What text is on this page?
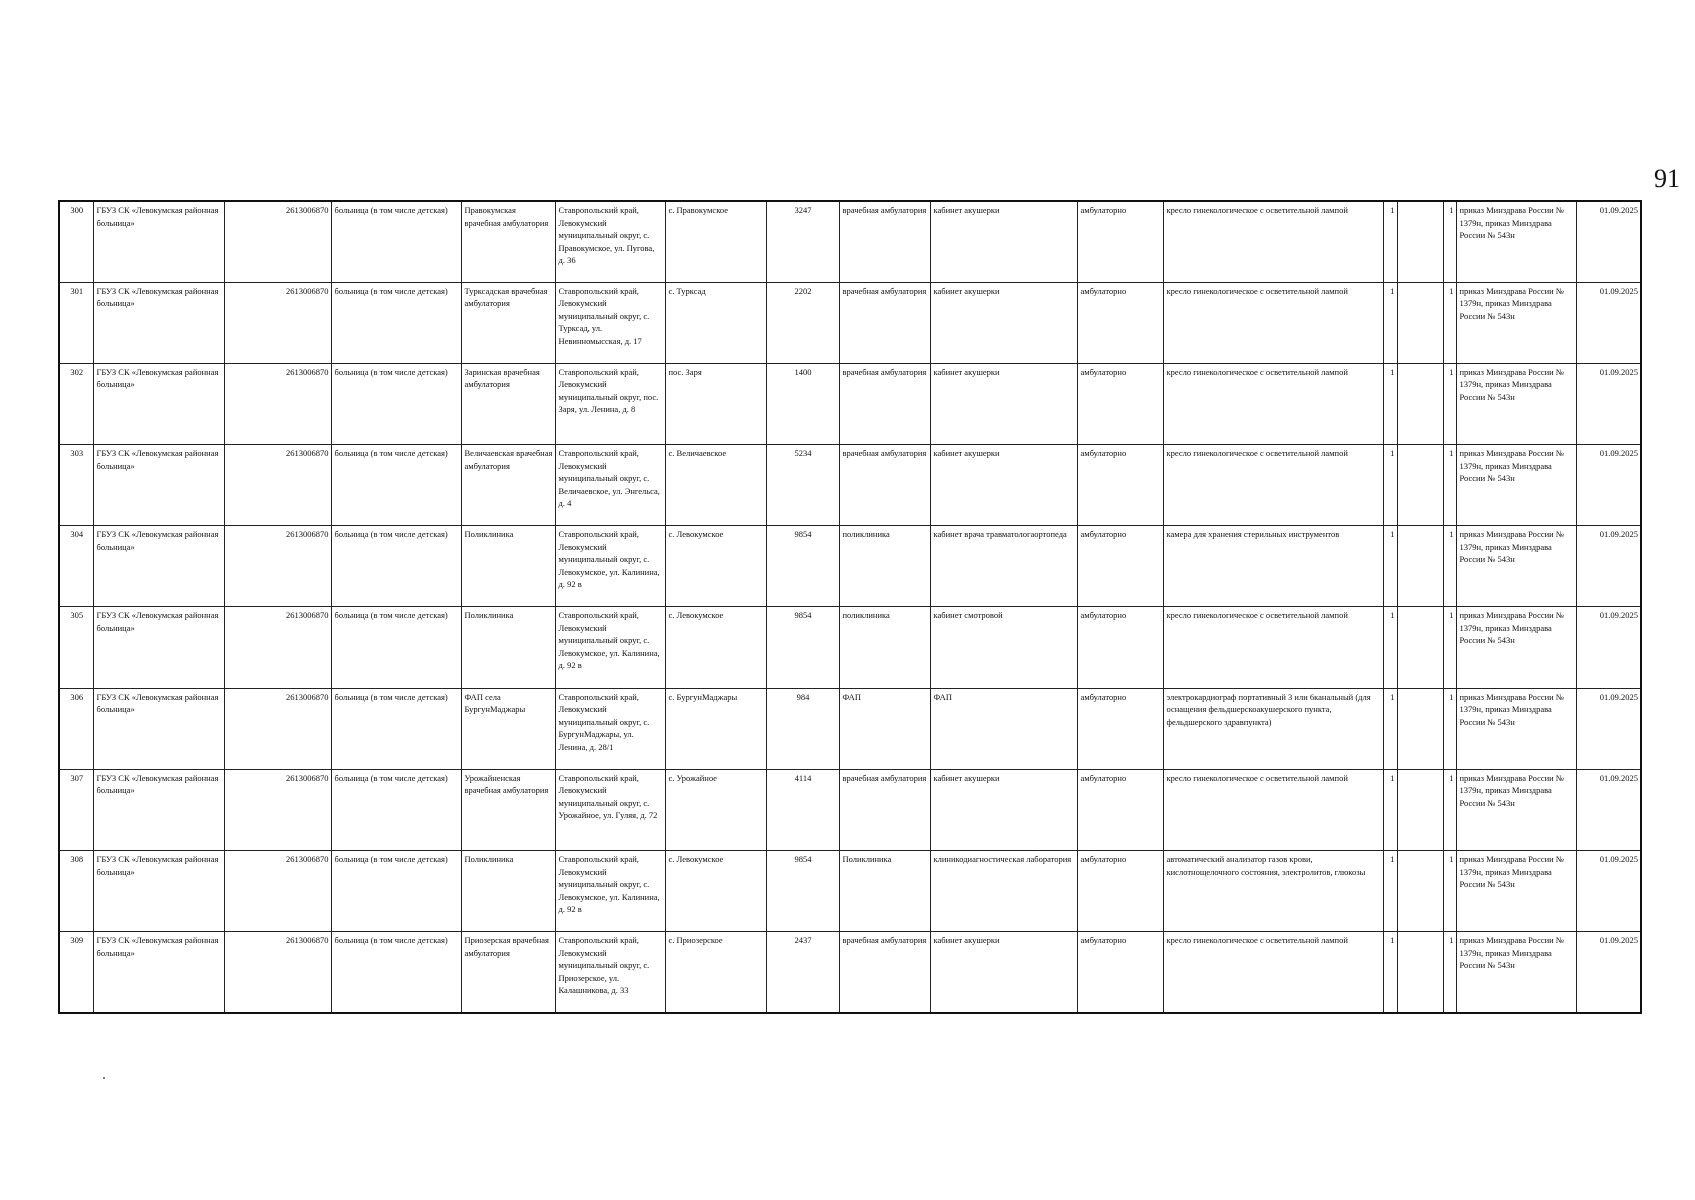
91
300	ГБУЗ СК «Левокумская районная больница»	2613006870	больница (в том числе детская)	Правокумская врачебная амбулатория	Ставропольский край, Левокумский муниципальный округ, с. Правокумское, ул. Пугова, д. 36	с. Правокумское	3247	врачебная амбулатория	кабинет акушерки	амбулаторно	кресло гинекологическое с осветительной лампой	1		1	приказ Минздрава России № 1379н, приказ Минздрава России № 543н	01.09.2025
301	ГБУЗ СК «Левокумская районная больница»	2613006870	больница (в том числе детская)	Турксадская врачебная амбулатория	Ставропольский край, Левокумский муниципальный округ, с. Турксад, ул. Невинномысская, д. 17	с. Турксад	2202	врачебная амбулатория	кабинет акушерки	амбулаторно	кресло гинекологическое с осветительной лампой	1		1	приказ Минздрава России № 1379н, приказ Минздрава России № 543н	01.09.2025
302	ГБУЗ СК «Левокумская районная больница»	2613006870	больница (в том числе детская)	Заринская врачебная амбулатория	Ставропольский край, Левокумский муниципальный округ, пос. Заря, ул. Ленина, д. 8	пос. Заря	1400	врачебная амбулатория	кабинет акушерки	амбулаторно	кресло гинекологическое с осветительной лампой	1		1	приказ Минздрава России № 1379н, приказ Минздрава России № 543н	01.09.2025
303	ГБУЗ СК «Левокумская районная больница»	2613006870	больница (в том числе детская)	Величаевская врачебная амбулатория	Ставропольский край, Левокумский муниципальный округ, с. Величаевское, ул. Энгельса, д. 4	с. Величаевское	5234	врачебная амбулатория	кабинет акушерки	амбулаторно	кресло гинекологическое с осветительной лампой	1		1	приказ Минздрава России № 1379н, приказ Минздрава России № 543н	01.09.2025
304	ГБУЗ СК «Левокумская районная больница»	2613006870	больница (в том числе детская)	Поликлиника	Ставропольский край, Левокумский муниципальный округ, с. Левокумское, ул. Калинина, д. 92 в	с. Левокумское	9854	поликлиника	кабинет врача травматологаортопеда	амбулаторно	камера для хранения стерильных инструментов	1		1	приказ Минздрава России № 1379н, приказ Минздрава России № 543н	01.09.2025
305	ГБУЗ СК «Левокумская районная больница»	2613006870	больница (в том числе детская)	Поликлиника	Ставропольский край, Левокумский муниципальный округ, с. Левокумское, ул. Калинина, д. 92 в	с. Левокумское	9854	поликлиника	кабинет смотровой	амбулаторно	кресло гинекологическое с осветительной лампой	1		1	приказ Минздрава России № 1379н, приказ Минздрава России № 543н	01.09.2025
306	ГБУЗ СК «Левокумская районная больница»	2613006870	больница (в том числе детская)	ФАП села БургунМаджары	Ставропольский край, Левокумский муниципальный округ, с. БургунМаджары, ул. Ленина, д. 28/1	с. БургунМаджары	984	ФАП	ФАП	амбулаторно	электрокардиограф портативный 3 или 6канальный (для оснащения фельдшерскоакушерского пункта, фельдшерского здравпункта)	1		1	приказ Минздрава России № 1379н, приказ Минздрава России № 543н	01.09.2025
307	ГБУЗ СК «Левокумская районная больница»	2613006870	больница (в том числе детская)	Урожайненская врачебная амбулатория	Ставропольский край, Левокумский муниципальный округ, с. Урожайное, ул. Гуляя, д. 72	с. Урожайное	4114	врачебная амбулатория	кабинет акушерки	амбулаторно	кресло гинекологическое с осветительной лампой	1		1	приказ Минздрава России № 1379н, приказ Минздрава России № 543н	01.09.2025
308	ГБУЗ СК «Левокумская районная больница»	2613006870	больница (в том числе детская)	Поликлиника	Ставропольский край, Левокумский муниципальный округ, с. Левокумское, ул. Калинина, д. 92 в	с. Левокумское	9854	Поликлиника	клиникодиагностическая лаборатория	амбулаторно	автоматический анализатор газов крови, кислотнощелочного состояния, электролитов, глюкозы	1		1	приказ Минздрава России № 1379н, приказ Минздрава России № 543н	01.09.2025
309	ГБУЗ СК «Левокумская районная больница»	2613006870	больница (в том числе детская)	Приозерская врачебная амбулатория	Ставропольский край, Левокумский муниципальный округ, с. Приозерское, ул. Калашникова, д. 33	с. Приозерское	2437	врачебная амбулатория	кабинет акушерки	амбулаторно	кресло гинекологическое с осветительной лампой	1		1	приказ Минздрава России № 1379н, приказ Минздрава России № 543н	01.09.2025
